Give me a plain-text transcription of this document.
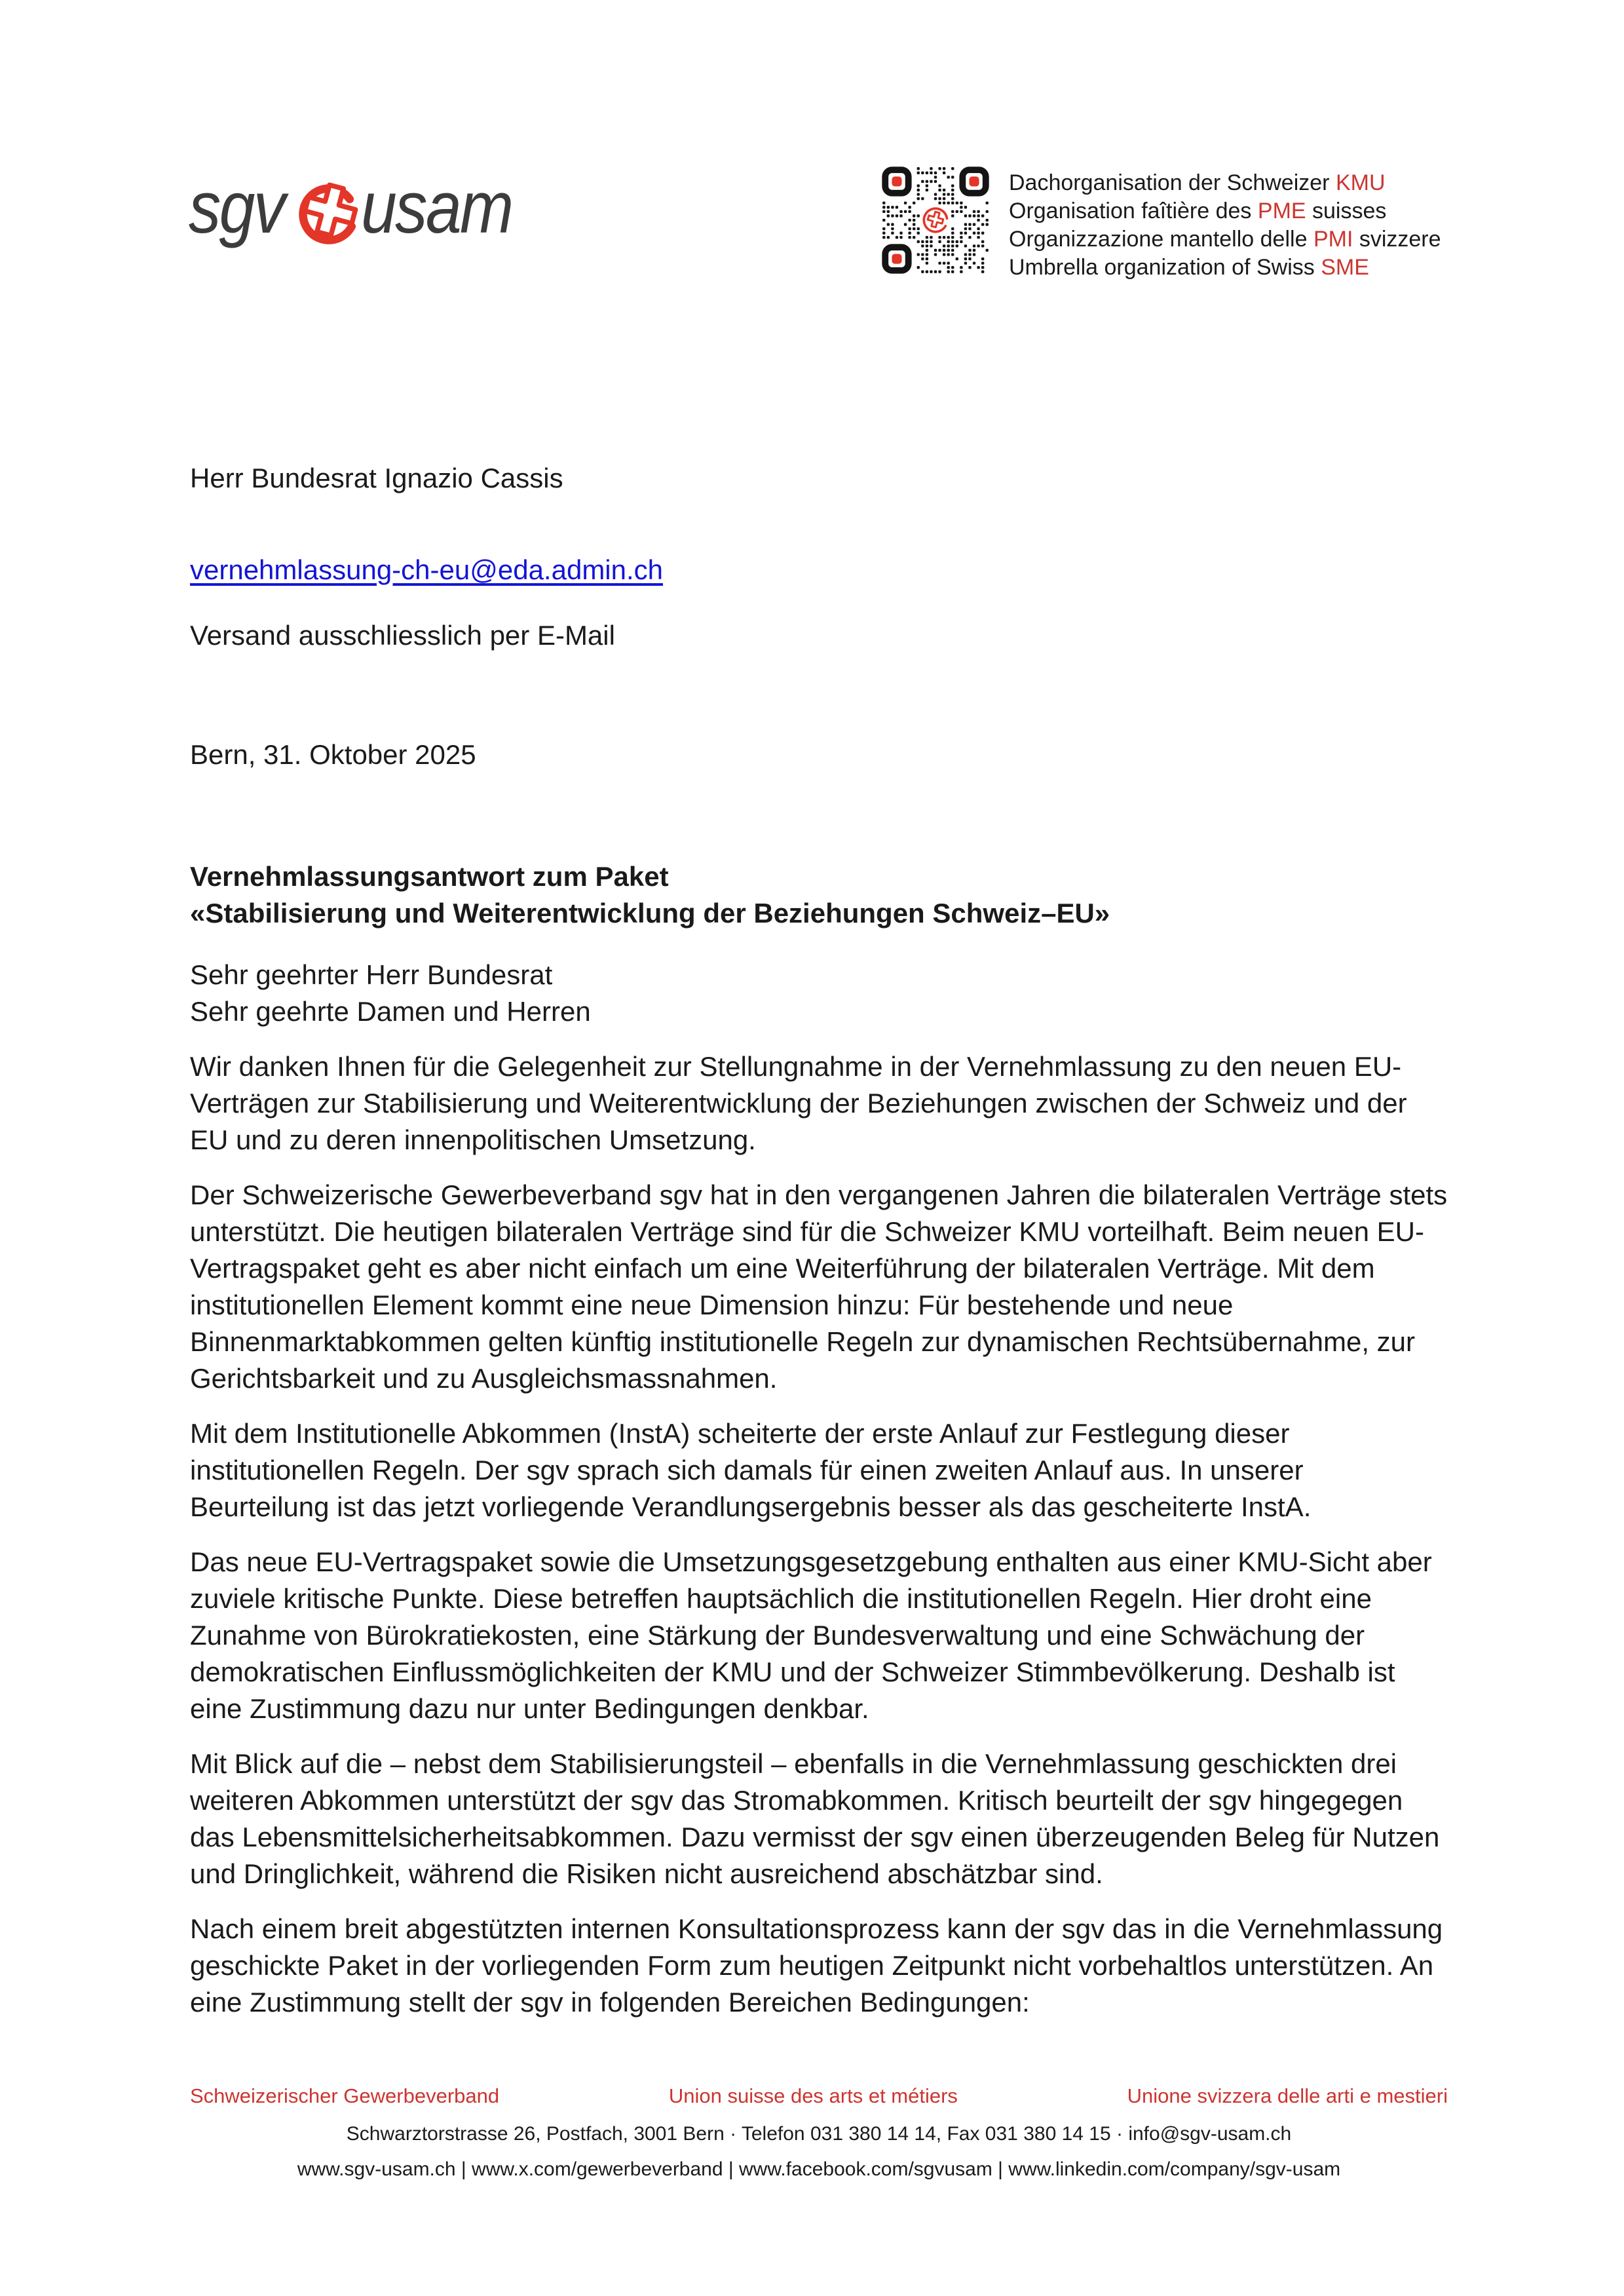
sgv usam	Dachorganisation der Schweizer KMU
Organisation faîtière des PME suisses
Organizzazione mantello delle PMI svizzere
Umbrella organization of Swiss SME
Herr Bundesrat Ignazio Cassis
vernehmlassung-ch-eu@eda.admin.ch
Versand ausschliesslich per E-Mail
Bern, 31. Oktober 2025

Vernehmlassungsantwort zum Paket
«Stabilisierung und Weiterentwicklung der Beziehungen Schweiz–EU»

Sehr geehrter Herr Bundesrat
Sehr geehrte Damen und Herren

Wir danken Ihnen für die Gelegenheit zur Stellungnahme in der Vernehmlassung zu den neuen EU-Verträgen zur Stabilisierung und Weiterentwicklung der Beziehungen zwischen der Schweiz und der EU und zu deren innenpolitischen Umsetzung.

Der Schweizerische Gewerbeverband sgv hat in den vergangenen Jahren die bilateralen Verträge stets unterstützt. Die heutigen bilateralen Verträge sind für die Schweizer KMU vorteilhaft. Beim neuen EU-Vertragspaket geht es aber nicht einfach um eine Weiterführung der bilateralen Verträge. Mit dem institutionellen Element kommt eine neue Dimension hinzu: Für bestehende und neue Binnenmarktabkommen gelten künftig institutionelle Regeln zur dynamischen Rechtsübernahme, zur Gerichtsbarkeit und zu Ausgleichsmassnahmen.

Mit dem Institutionelle Abkommen (InstA) scheiterte der erste Anlauf zur Festlegung dieser institutionellen Regeln. Der sgv sprach sich damals für einen zweiten Anlauf aus. In unserer Beurteilung ist das jetzt vorliegende Verandlungsergebnis besser als das gescheiterte InstA.

Das neue EU-Vertragspaket sowie die Umsetzungsgesetzgebung enthalten aus einer KMU-Sicht aber zuviele kritische Punkte. Diese betreffen hauptsächlich die institutionellen Regeln. Hier droht eine Zunahme von Bürokratiekosten, eine Stärkung der Bundesverwaltung und eine Schwächung der demokratischen Einflussmöglichkeiten der KMU und der Schweizer Stimmbevölkerung. Deshalb ist eine Zustimmung dazu nur unter Bedingungen denkbar.

Mit Blick auf die – nebst dem Stabilisierungsteil – ebenfalls in die Vernehmlassung geschickten drei weiteren Abkommen unterstützt der sgv das Stromabkommen. Kritisch beurteilt der sgv hingegegen das Lebensmittelsicherheitsabkommen. Dazu vermisst der sgv einen überzeugenden Beleg für Nutzen und Dringlichkeit, während die Risiken nicht ausreichend abschätzbar sind.

Nach einem breit abgestützten internen Konsultationsprozess kann der sgv das in die Vernehmlassung geschickte Paket in der vorliegenden Form zum heutigen Zeitpunkt nicht vorbehaltlos unterstützen. An eine Zustimmung stellt der sgv in folgenden Bereichen Bedingungen:

Schweizerischer Gewerbeverband	Union suisse des arts et métiers	Unione svizzera delle arti e mestieri
Schwarztorstrasse 26, Postfach, 3001 Bern · Telefon 031 380 14 14, Fax 031 380 14 15 · info@sgv-usam.ch
www.sgv-usam.ch | www.x.com/gewerbeverband | www.facebook.com/sgvusam | www.linkedin.com/company/sgv-usam
